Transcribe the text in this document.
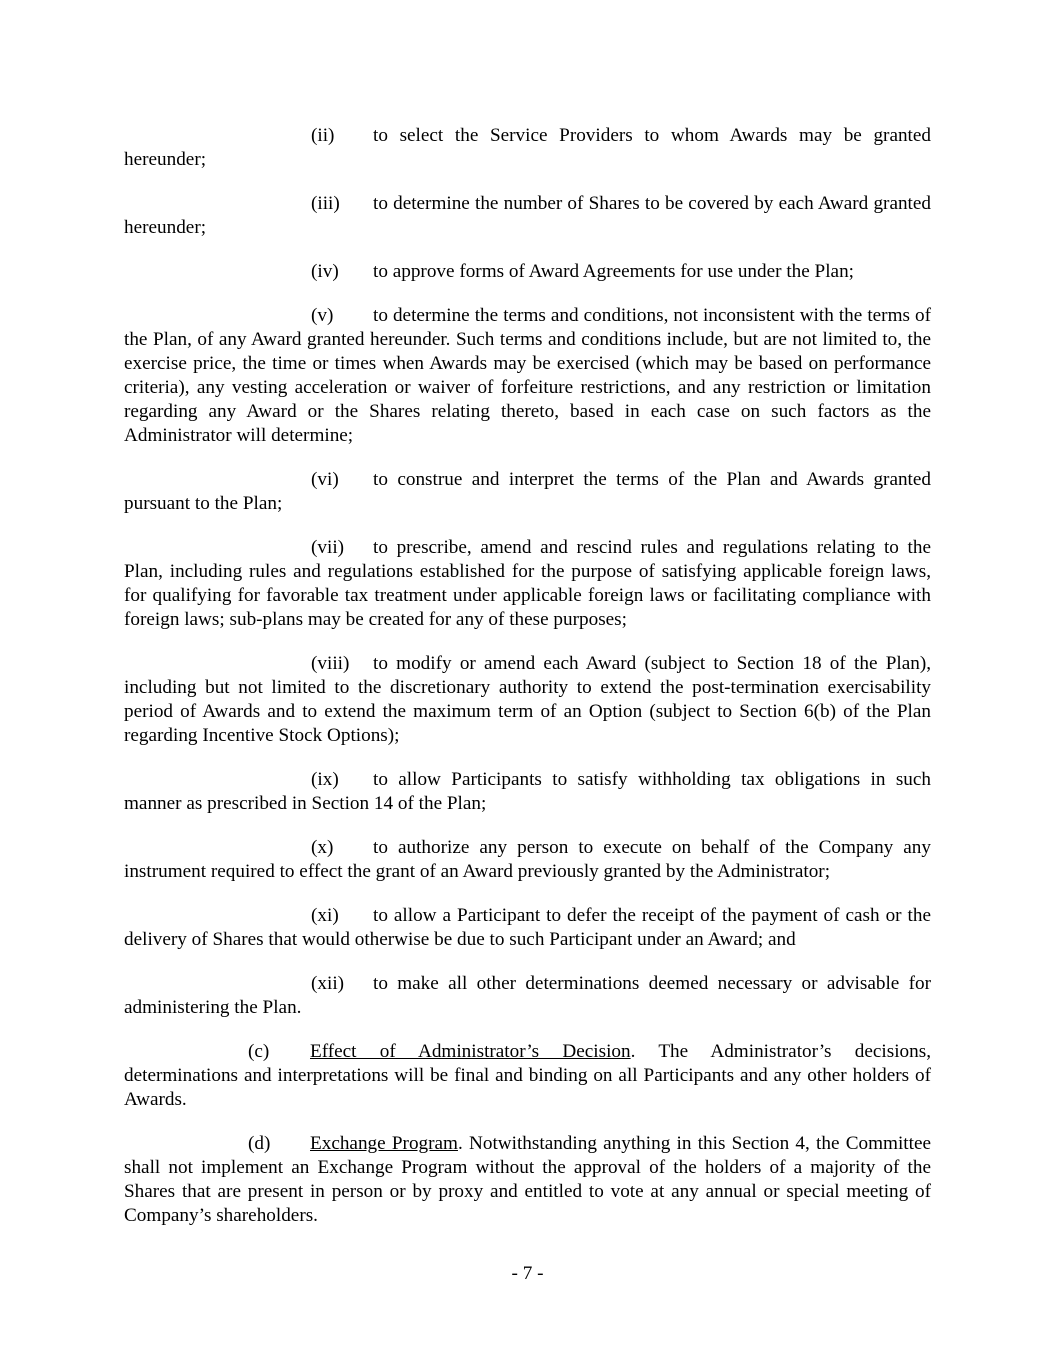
(ii) to select the Service Providers to whom Awards may be granted hereunder;

(iii) to determine the number of Shares to be covered by each Award granted hereunder;

(iv) to approve forms of Award Agreements for use under the Plan;

(v) to determine the terms and conditions, not inconsistent with the terms of the Plan, of any Award granted hereunder. Such terms and conditions include, but are not limited to, the exercise price, the time or times when Awards may be exercised (which may be based on performance criteria), any vesting acceleration or waiver of forfeiture restrictions, and any restriction or limitation regarding any Award or the Shares relating thereto, based in each case on such factors as the Administrator will determine;

(vi) to construe and interpret the terms of the Plan and Awards granted pursuant to the Plan;

(vii) to prescribe, amend and rescind rules and regulations relating to the Plan, including rules and regulations established for the purpose of satisfying applicable foreign laws, for qualifying for favorable tax treatment under applicable foreign laws or facilitating compliance with foreign laws; sub-plans may be created for any of these purposes;

(viii) to modify or amend each Award (subject to Section 18 of the Plan), including but not limited to the discretionary authority to extend the post-termination exercisability period of Awards and to extend the maximum term of an Option (subject to Section 6(b) of the Plan regarding Incentive Stock Options);

(ix) to allow Participants to satisfy withholding tax obligations in such manner as prescribed in Section 14 of the Plan;

(x) to authorize any person to execute on behalf of the Company any instrument required to effect the grant of an Award previously granted by the Administrator;

(xi) to allow a Participant to defer the receipt of the payment of cash or the delivery of Shares that would otherwise be due to such Participant under an Award; and

(xii) to make all other determinations deemed necessary or advisable for administering the Plan.

(c) Effect of Administrator’s Decision. The Administrator’s decisions, determinations and interpretations will be final and binding on all Participants and any other holders of Awards.

(d) Exchange Program. Notwithstanding anything in this Section 4, the Committee shall not implement an Exchange Program without the approval of the holders of a majority of the Shares that are present in person or by proxy and entitled to vote at any annual or special meeting of Company’s shareholders.

- 7 -
